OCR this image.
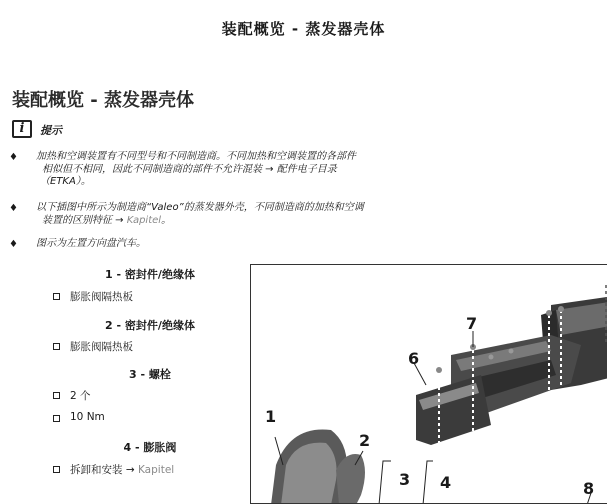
装配概览 - 蒸发器壳体
装配概览 - 蒸发器壳体
i	提示
♦ 加热和空调装置有不同型号和不同制造商。不同加热和空调装置的各部件
相似但不相同，因此不同制造商的部件不允许混装 → 配件电子目录
（ETKA）。
♦ 以下插图中所示为制造商“Valeo”的蒸发器外壳，不同制造商的加热和空调
装置的区别特征 → Kapitel。
♦ 图示为左置方向盘汽车。
1 - 密封件/绝缘体
膨胀阀隔热板
2 - 密封件/绝缘体
膨胀阀隔热板
3 - 螺栓
2 个
10 Nm
4 - 膨胀阀
拆卸和安装 → Kapitel
1
2
3 4
6
7
8
